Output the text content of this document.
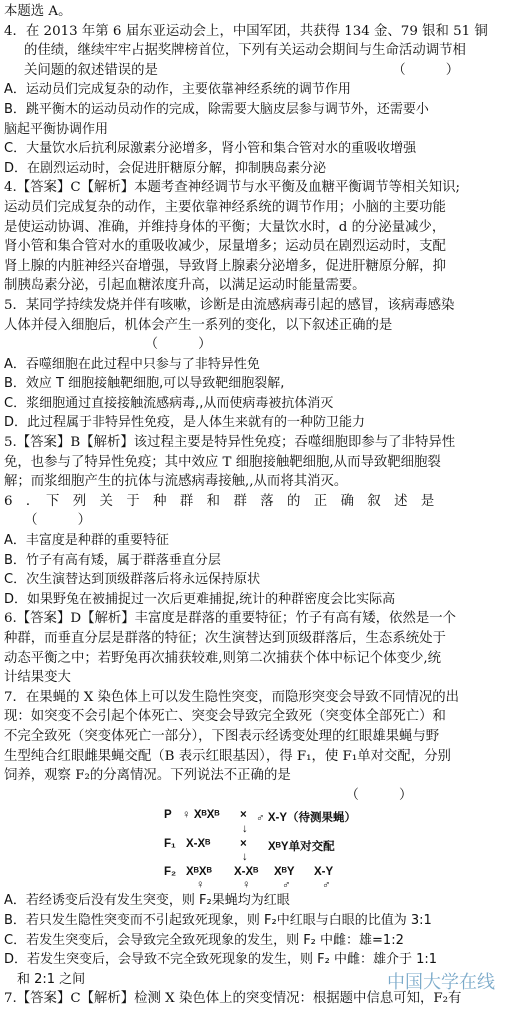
本题选 A。
4．在 2013 年第 6 届东亚运动会上，中国军团，共获得 134 金、79 银和 51 铜
的佳绩，继续牢牢占据奖牌榜首位，下列有关运动会期间与生命活动调节相
关问题的叙述错误的是　　　　　　　　　　　　　　　　　　（　　　）
A．运动员们完成复杂的动作，主要依靠神经系统的调节作用
B．跳平衡木的运动员动作的完成，除需要大脑皮层参与调节外，还需要小
脑起平衡协调作用
C．大量饮水后抗利尿激素分泌增多，肾小管和集合管对水的重吸收增强
D．在剧烈运动时，会促进肝糖原分解，抑制胰岛素分泌
4.【答案】C【解析】本题考查神经调节与水平衡及血糖平衡调节等相关知识;
运动员们完成复杂的动作，主要依靠神经系统的调节作用；小脑的主要功能
是使运动协调、准确，并维持身体的平衡；大量饮水时，d 的分泌量减少，
肾小管和集合管对水的重吸收减少，尿量增多；运动员在剧烈运动时，支配
肾上腺的内脏神经兴奋增强，导致肾上腺素分泌增多，促进肝糖原分解，抑
制胰岛素分泌，引起血糖浓度升高，以满足运动时能量需要。
5．某同学持续发烧并伴有咳嗽，诊断是由流感病毒引起的感冒，该病毒感染
人体并侵入细胞后，机体会产生一系列的变化，以下叙述正确的是
　　　　　　　　　　　（　　　）
A．吞噬细胞在此过程中只参与了非特异性免
B．效应 T 细胞接触靶细胞,可以导致靶细胞裂解,
C．浆细胞通过直接接触流感病毒,,从而使病毒被抗体消灭
D．此过程属于非特异性免疫，是人体生来就有的一种防卫能力
5.【答案】B【解析】该过程主要是特异性免疫；吞噬细胞即参与了非特异性
免，也参与了特异性免疫；其中效应 T 细胞接触靶细胞,从而导致靶细胞裂
解；而浆细胞产生的抗体与流感病毒接触,,从而将其消灭。
6　．　下　列　关　于　种　群　和　群　落　的　正　确　叙　述　是
　　（　　　）
A．丰富度是种群的重要特征
B．竹子有高有矮，属于群落垂直分层
C．次生演替达到顶级群落后将永远保持原状
D．如果野兔在被捕捉过一次后更难捕捉,统计的种群密度会比实际高
6.【答案】D【解析】丰富度是群落的重要特征；竹子有高有矮，依然是一个
种群，而垂直分层是群落的特征；次生演替达到顶级群落后，生态系统处于
动态平衡之中；若野兔再次捕获较难,则第二次捕获个体中标记个体变少,统
计结果变大
7．在果蝇的 X 染色体上可以发生隐性突变，而隐形突变会导致不同情况的出
现：如突变不会引起个体死亡、突变会导致完全致死（突变体全部死亡）和
不完全致死（突变体死亡一部分），下图表示经诱变处理的红眼雄果蝇与野
生型纯合红眼雌果蝇交配（B 表示红眼基因），得 F₁，使 F₁单对交配，分别
饲养，观察 F₂的分离情况。下列说法不正确的是
　　　　　　　　　　　　　　　　　　　　　　　　　　（　　　）
P ♀ XᴮXᴮ × ♂ X-Y（待测果蝇）
↓
F₁ X-Xᴮ	× XᴮY单对交配
↓
F₂ XᴮXᴮ X-Xᴮ XᴮY X-Y
♀	♀	♂	♂
A．若经诱变后没有发生突变，则 F₂果蝇均为红眼
B．若只发生隐性突变而不引起致死现象，则 F₂中红眼与白眼的比值为 3:1
C．若发生突变后，会导致完全致死现象的发生，则 F₂ 中雌：雄=1:2
D．若发生突变后，会导致不完全致死现象的发生，则 F₂ 中雌：雄介于 1:1
　和 2:1 之间
7.【答案】C【解析】检测 X 染色体上的突变情况：根据题中信息可知，F₂有
中国大学在线
